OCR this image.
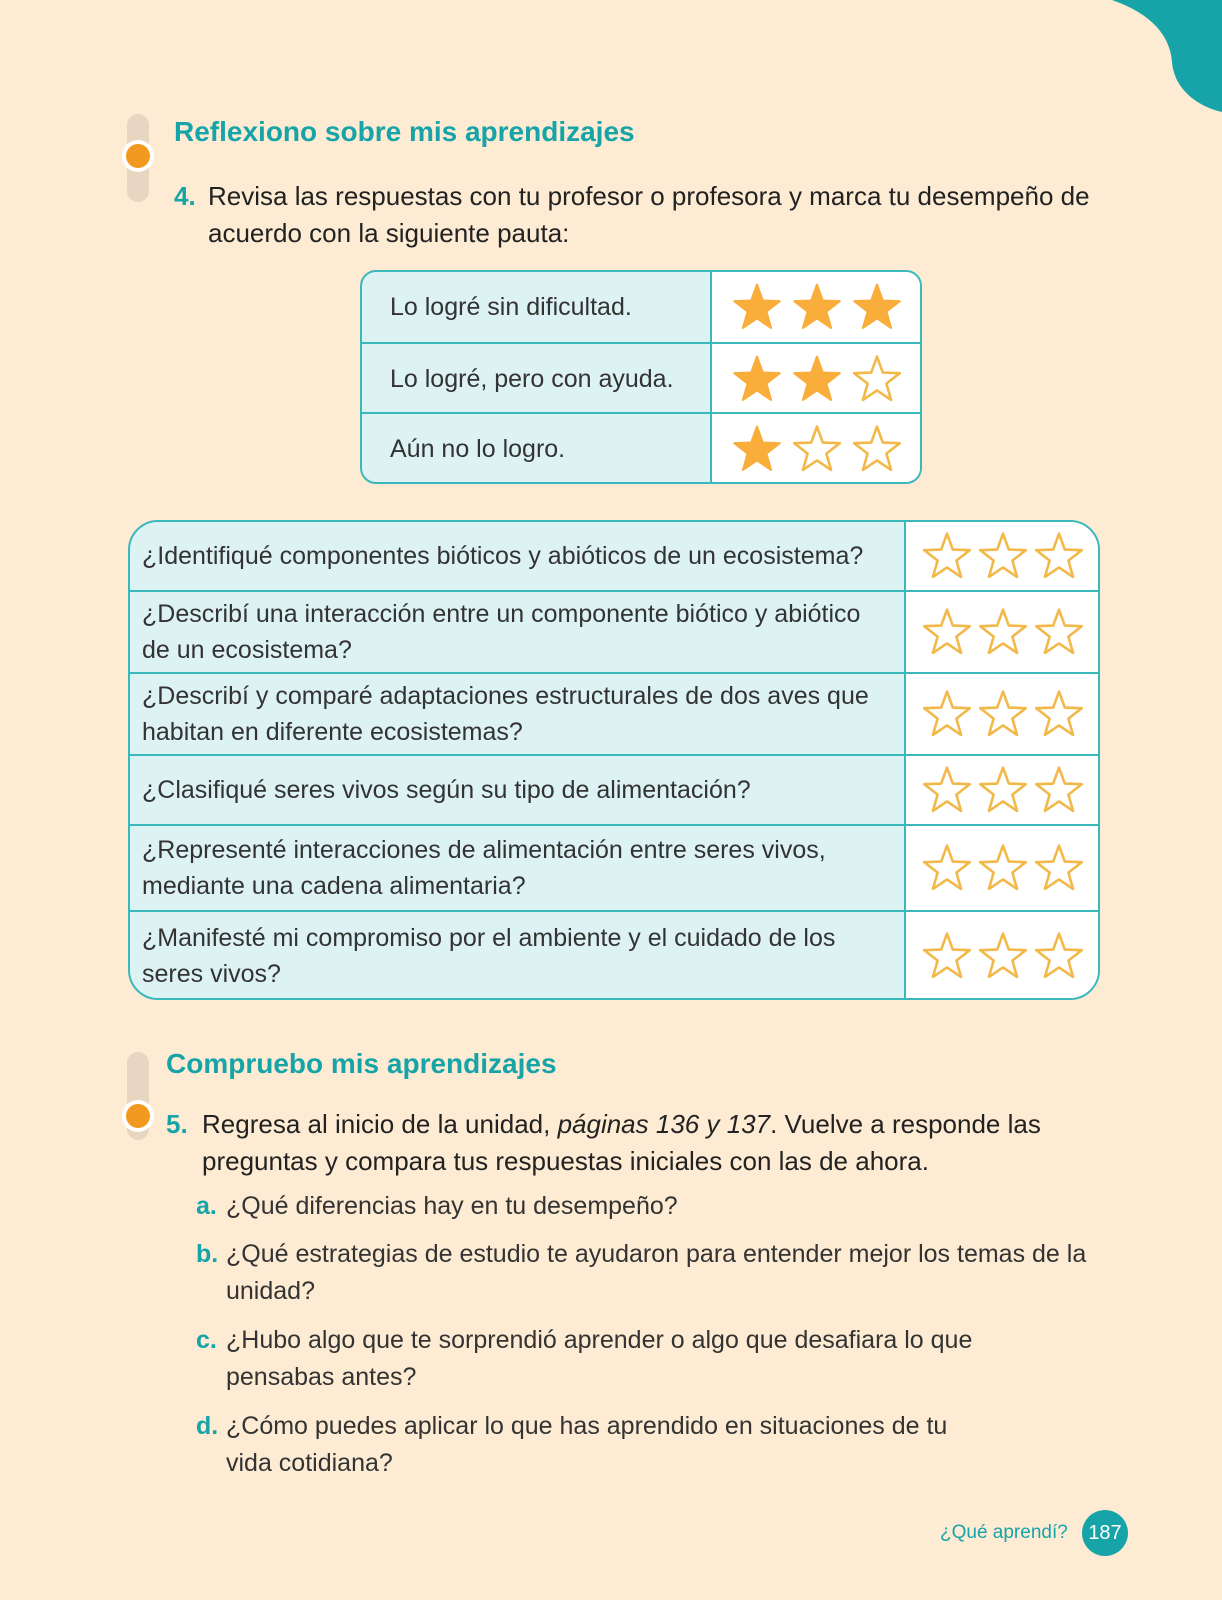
Reflexiono sobre mis aprendizajes
4. Revisa las respuestas con tu profesor o profesora y marca tu desempeño de acuerdo con la siguiente pauta:
Lo logré sin dificultad.
Lo logré, pero con ayuda.
Aún no lo logro.
¿Identifiqué componentes bióticos y abióticos de un ecosistema?
¿Describí una interacción entre un componente biótico y abiótico de un ecosistema?
¿Describí y comparé adaptaciones estructurales de dos aves que habitan en diferente ecosistemas?
¿Clasifiqué seres vivos según su tipo de alimentación?
¿Representé interacciones de alimentación entre seres vivos, mediante una cadena alimentaria?
¿Manifesté mi compromiso por el ambiente y el cuidado de los seres vivos?
Compruebo mis aprendizajes
5. Regresa al inicio de la unidad, páginas 136 y 137. Vuelve a responde las preguntas y compara tus respuestas iniciales con las de ahora.
a. ¿Qué diferencias hay en tu desempeño?
b. ¿Qué estrategias de estudio te ayudaron para entender mejor los temas de la unidad?
c. ¿Hubo algo que te sorprendió aprender o algo que desafiara lo que pensabas antes?
d. ¿Cómo puedes aplicar lo que has aprendido en situaciones de tu vida cotidiana?
¿Qué aprendí?	187
